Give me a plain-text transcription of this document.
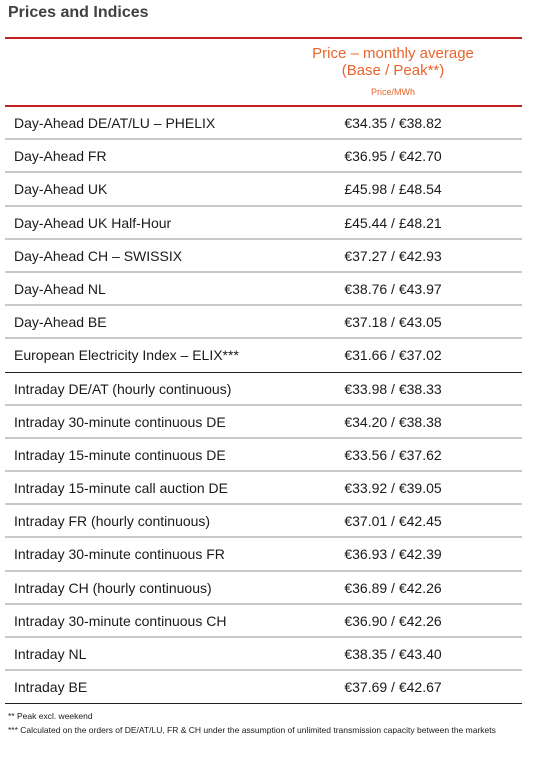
Prices and Indices
Price – monthly average
(Base / Peak**)
Price/MWh
Day-Ahead DE/AT/LU – PHELIX	€34.35 / €38.82
Day-Ahead FR	€36.95 / €42.70
Day-Ahead UK	£45.98 / £48.54
Day-Ahead UK Half-Hour	£45.44 / £48.21
Day-Ahead CH – SWISSIX	€37.27 / €42.93
Day-Ahead NL	€38.76 / €43.97
Day-Ahead BE	€37.18 / €43.05
European Electricity Index – ELIX***	€31.66 / €37.02
Intraday DE/AT (hourly continuous)	€33.98 / €38.33
Intraday 30-minute continuous DE	€34.20 / €38.38
Intraday 15-minute continuous DE	€33.56 / €37.62
Intraday 15-minute call auction DE	€33.92 / €39.05
Intraday FR (hourly continuous)	€37.01 / €42.45
Intraday 30-minute continuous FR	€36.93 / €42.39
Intraday CH (hourly continuous)	€36.89 / €42.26
Intraday 30-minute continuous CH	€36.90 / €42.26
Intraday NL	€38.35 / €43.40
Intraday BE	€37.69 / €42.67
** Peak excl. weekend
*** Calculated on the orders of DE/AT/LU, FR & CH under the assumption of unlimited transmission capacity between the markets
